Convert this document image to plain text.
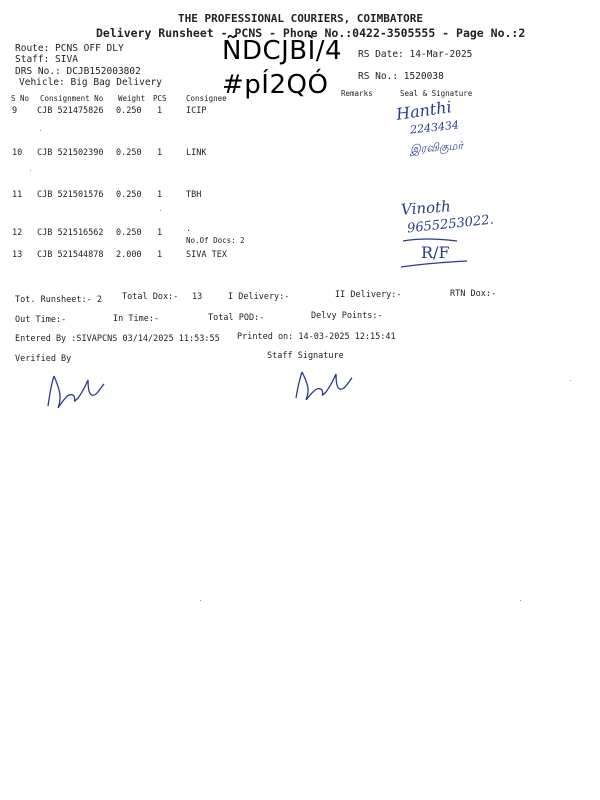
THE PROFESSIONAL COURIERS, COIMBATORE
Delivery Runsheet - PCNS - Phone No.:0422-3505555 - Page No.:2
Route: PCNS OFF DLY
Staff: SIVA
DRS No.: DCJB152003802
Vehicle: Big Bag Delivery
ÑDCJBÌ/4
#pÍ2QÓ
RS Date: 14-Mar-2025
RS No.: 1520038
S No Consignment No Weight PCS	Consignee
Remarks	Seal & Signature
9 CJB 521475826 0.250 1	ICIP
10 CJB 521502390 0.250 1	LINK
11 CJB 521501576 0.250 1	TBH
12 CJB 521516562 0.250 1	.
No.Of Docs: 2
13 CJB 521544878 2.000 1	SIVA TEX
Hanthi
2243434
இரவிகுமர்
Vinoth
9655253022.
R/F
Tot. Runsheet:- 2 Total Dox:- 13	I Delivery:-	II Delivery:-	RTN Dox:-
Out Time:-	In Time:-	Total POD:-	Delvy Points:-
Entered By :SIVAPCNS 03/14/2025 11:53:55 Printed on: 14-03-2025 12:15:41
Verified By	Staff Signature
